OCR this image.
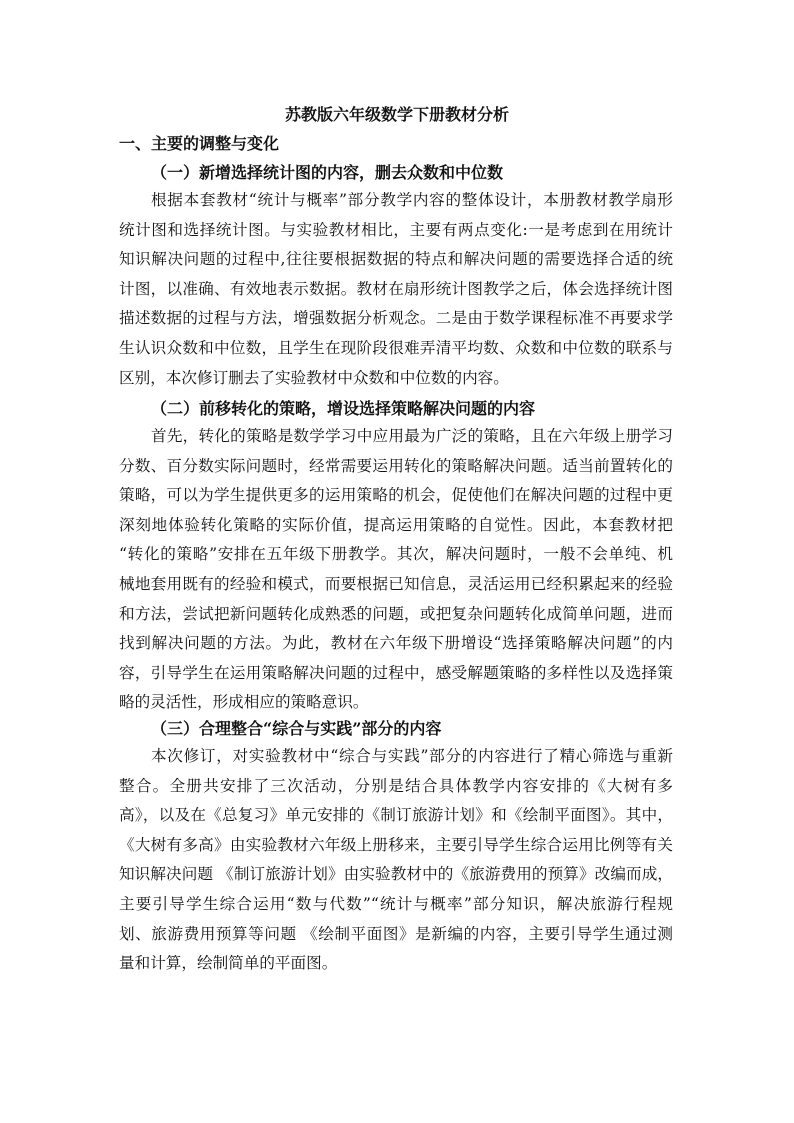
苏教版六年级数学下册教材分析
一、主要的调整与变化
（一）新增选择统计图的内容，删去众数和中位数
根据本套教材“统计与概率”部分教学内容的整体设计，本册教材教学扇形
统计图和选择统计图。与实验教材相比，主要有两点变化:一是考虑到在用统计
知识解决问题的过程中,往往要根据数据的特点和解决问题的需要选择合适的统
计图，以准确、有效地表示数据。教材在扇形统计图教学之后，体会选择统计图
描述数据的过程与方法，增强数据分析观念。二是由于数学课程标准不再要求学
生认识众数和中位数，且学生在现阶段很难弄清平均数、众数和中位数的联系与
区别，本次修订删去了实验教材中众数和中位数的内容。
（二）前移转化的策略，增设选择策略解决问题的内容
首先，转化的策略是数学学习中应用最为广泛的策略，且在六年级上册学习
分数、百分数实际问题时，经常需要运用转化的策略解决问题。适当前置转化的
策略，可以为学生提供更多的运用策略的机会，促使他们在解决问题的过程中更
深刻地体验转化策略的实际价值，提高运用策略的自觉性。因此，本套教材把
“转化的策略”安排在五年级下册教学。其次，解决问题时，一般不会单纯、机
械地套用既有的经验和模式，而要根据已知信息，灵活运用已经积累起来的经验
和方法，尝试把新问题转化成熟悉的问题，或把复杂问题转化成简单问题，进而
找到解决问题的方法。为此，教材在六年级下册增设“选择策略解决问题”的内
容，引导学生在运用策略解决问题的过程中，感受解题策略的多样性以及选择策
略的灵活性，形成相应的策略意识。
（三）合理整合“综合与实践”部分的内容
本次修订，对实验教材中“综合与实践”部分的内容进行了精心筛选与重新
整合。全册共安排了三次活动，分别是结合具体教学内容安排的《大树有多
高》，以及在《总复习》单元安排的《制订旅游计划》和《绘制平面图》。其中，
《大树有多高》由实验教材六年级上册移来，主要引导学生综合运用比例等有关
知识解决问题 《制订旅游计划》由实验教材中的《旅游费用的预算》改编而成，
主要引导学生综合运用“数与代数”“统计与概率”部分知识，解决旅游行程规
划、旅游费用预算等问题 《绘制平面图》是新编的内容，主要引导学生通过测
量和计算，绘制简单的平面图。
